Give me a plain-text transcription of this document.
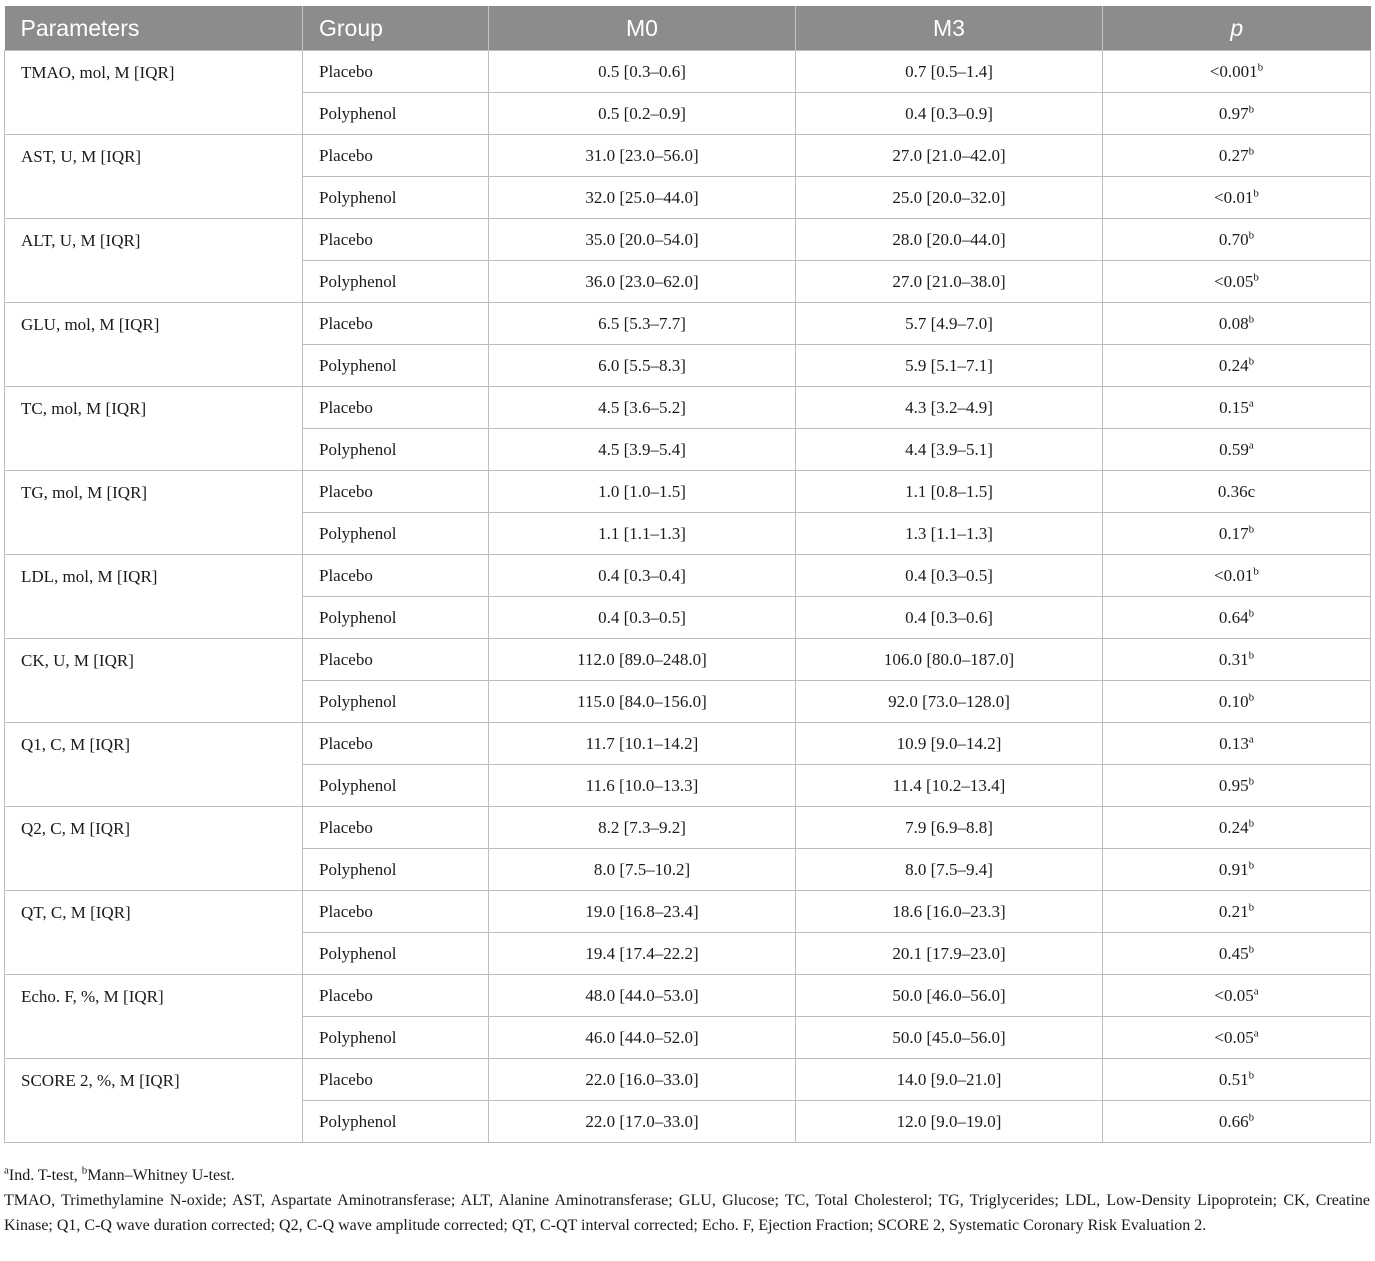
Parameters	Group	M0	M3	p
TMAO, mol, M [IQR]	Placebo	0.5 [0.3–0.6]	0.7 [0.5–1.4]	<0.001$^b$
	Polyphenol	0.5 [0.2–0.9]	0.4 [0.3–0.9]	0.97$^b$
AST, U, M [IQR]	Placebo	31.0 [23.0–56.0]	27.0 [21.0–42.0]	0.27$^b$
	Polyphenol	32.0 [25.0–44.0]	25.0 [20.0–32.0]	<0.01$^b$
ALT, U, M [IQR]	Placebo	35.0 [20.0–54.0]	28.0 [20.0–44.0]	0.70$^b$
	Polyphenol	36.0 [23.0–62.0]	27.0 [21.0–38.0]	<0.05$^b$
GLU, mol, M [IQR]	Placebo	6.5 [5.3–7.7]	5.7 [4.9–7.0]	0.08$^b$
	Polyphenol	6.0 [5.5–8.3]	5.9 [5.1–7.1]	0.24$^b$
TC, mol, M [IQR]	Placebo	4.5 [3.6–5.2]	4.3 [3.2–4.9]	0.15$^a$
	Polyphenol	4.5 [3.9–5.4]	4.4 [3.9–5.1]	0.59$^a$
TG, mol, M [IQR]	Placebo	1.0 [1.0–1.5]	1.1 [0.8–1.5]	0.36c
	Polyphenol	1.1 [1.1–1.3]	1.3 [1.1–1.3]	0.17$^b$
LDL, mol, M [IQR]	Placebo	0.4 [0.3–0.4]	0.4 [0.3–0.5]	<0.01$^b$
	Polyphenol	0.4 [0.3–0.5]	0.4 [0.3–0.6]	0.64$^b$
CK, U, M [IQR]	Placebo	112.0 [89.0–248.0]	106.0 [80.0–187.0]	0.31$^b$
	Polyphenol	115.0 [84.0–156.0]	92.0 [73.0–128.0]	0.10$^b$
Q1, C, M [IQR]	Placebo	11.7 [10.1–14.2]	10.9 [9.0–14.2]	0.13$^a$
	Polyphenol	11.6 [10.0–13.3]	11.4 [10.2–13.4]	0.95$^b$
Q2, C, M [IQR]	Placebo	8.2 [7.3–9.2]	7.9 [6.9–8.8]	0.24$^b$
	Polyphenol	8.0 [7.5–10.2]	8.0 [7.5–9.4]	0.91$^b$
QT, C, M [IQR]	Placebo	19.0 [16.8–23.4]	18.6 [16.0–23.3]	0.21$^b$
	Polyphenol	19.4 [17.4–22.2]	20.1 [17.9–23.0]	0.45$^b$
Echo. F, %, M [IQR]	Placebo	48.0 [44.0–53.0]	50.0 [46.0–56.0]	<0.05$^a$
	Polyphenol	46.0 [44.0–52.0]	50.0 [45.0–56.0]	<0.05$^a$
SCORE 2, %, M [IQR]	Placebo	22.0 [16.0–33.0]	14.0 [9.0–21.0]	0.51$^b$
	Polyphenol	22.0 [17.0–33.0]	12.0 [9.0–19.0]	0.66$^b$

$^a$Ind. T-test, $^b$Mann–Whitney U-test.

TMAO, Trimethylamine N-oxide; AST, Aspartate Aminotransferase; ALT, Alanine Aminotransferase; GLU, Glucose; TC, Total Cholesterol; TG, Triglycerides; LDL, Low-Density Lipoprotein; CK, Creatine Kinase; Q1, C-Q wave duration corrected; Q2, C-Q wave amplitude corrected; QT, C-QT interval corrected; Echo. F, Ejection Fraction; SCORE 2, Systematic Coronary Risk Evaluation 2.
